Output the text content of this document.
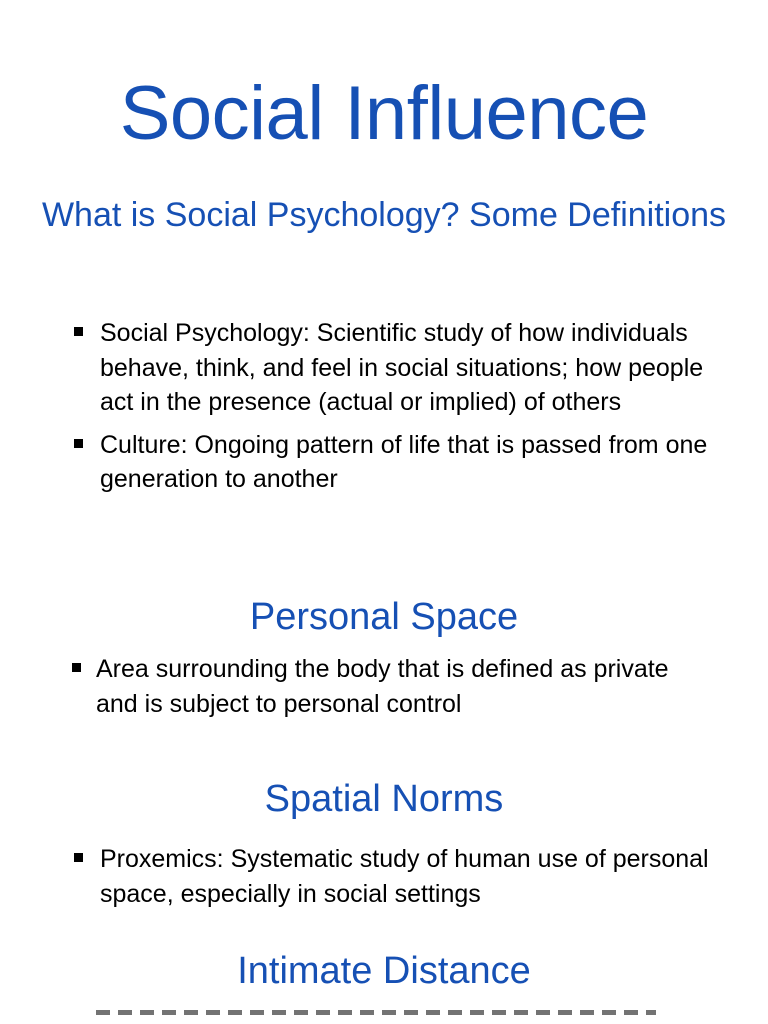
Social Influence
What is Social Psychology? Some Definitions
Social Psychology: Scientific study of how individuals behave, think, and feel in social situations; how people act in the presence (actual or implied) of others
Culture: Ongoing pattern of life that is passed from one generation to another
Personal Space
Area surrounding the body that is defined as private and is subject to personal control
Spatial Norms
Proxemics: Systematic study of human use of personal space, especially in social settings
Intimate Distance
